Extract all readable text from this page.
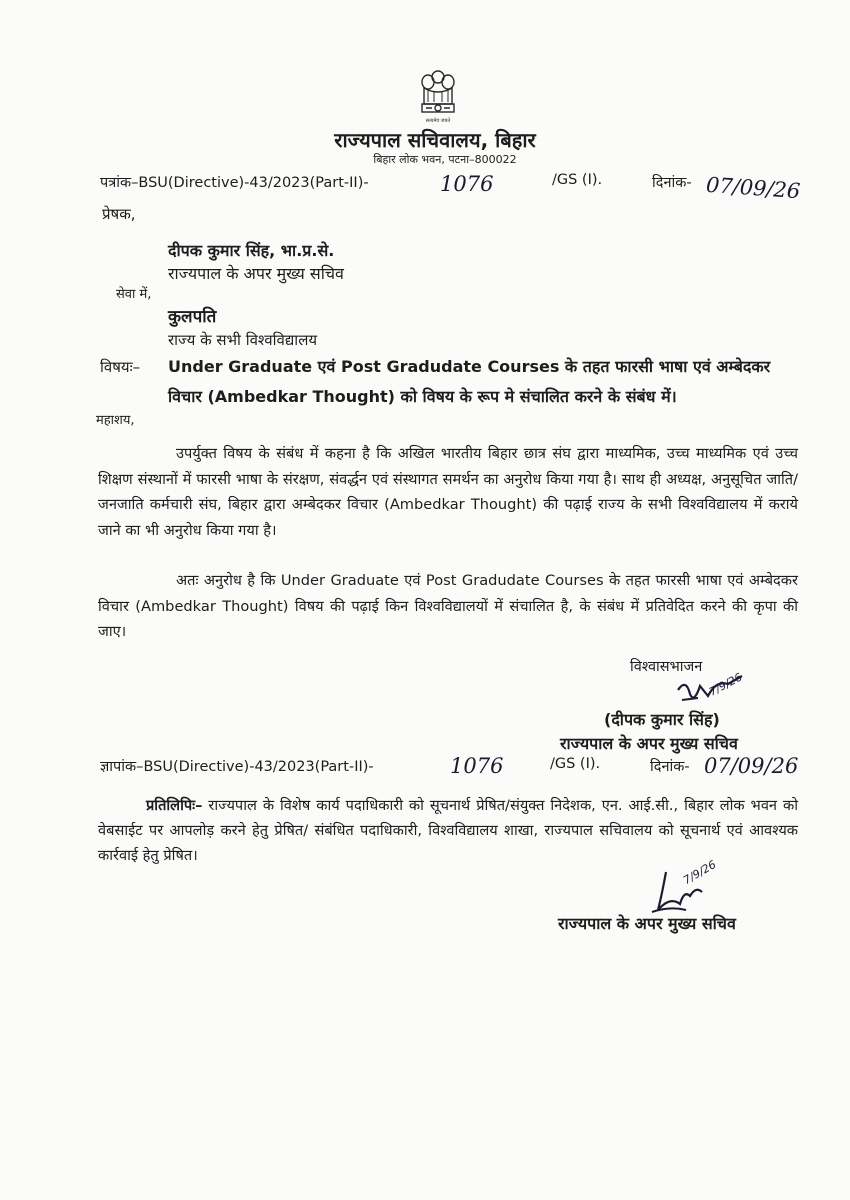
सत्यमेव जयते
राज्यपाल सचिवालय, बिहार
बिहार लोक भवन, पटना–800022
पत्रांक–BSU(Directive)-43/2023(Part-II)-	1076	/GS (I).	दिनांक- 07/09/26
प्रेषक,
दीपक कुमार सिंह, भा.प्र.से.
राज्यपाल के अपर मुख्य सचिव
सेवा में,
कुलपति
राज्य के सभी विश्वविद्यालय
विषयः– Under Graduate एवं Post Gradudate Courses के तहत फारसी भाषा एवं अम्बेदकर
विचार (Ambedkar Thought) को विषय के रूप मे संचालित करने के संबंध में।
महाशय,
उपर्युक्त विषय के संबंध में कहना है कि अखिल भारतीय बिहार छात्र संघ द्वारा माध्यमिक, उच्च माध्यमिक एवं उच्च शिक्षण संस्थानों में फारसी भाषा के संरक्षण, संवर्द्धन एवं संस्थागत समर्थन का अनुरोध किया गया है। साथ ही अध्यक्ष, अनुसूचित जाति/जनजाति कर्मचारी संघ, बिहार द्वारा अम्बेदकर विचार (Ambedkar Thought) की पढ़ाई राज्य के सभी विश्वविद्यालय में कराये जाने का भी अनुरोध किया गया है।
अतः अनुरोध है कि Under Graduate एवं Post Gradudate Courses के तहत फारसी भाषा एवं अम्बेदकर विचार (Ambedkar Thought) विषय की पढ़ाई किन विश्वविद्यालयों में संचालित है, के संबंध में प्रतिवेदित करने की कृपा की जाए।
विश्वासभाजन
7/9/26
(दीपक कुमार सिंह)
राज्यपाल के अपर मुख्य सचिव
ज्ञापांक–BSU(Directive)-43/2023(Part-II)-	1076	/GS (I).	दिनांक- 07/09/26
प्रतिलिपिः– राज्यपाल के विशेष कार्य पदाधिकारी को सूचनार्थ प्रेषित/संयुक्त निदेशक, एन. आई.सी., बिहार लोक भवन को वेबसाईट पर आपलोड़ करने हेतु प्रेषित/ संबंधित पदाधिकारी, विश्वविद्यालय शाखा, राज्यपाल सचिवालय को सूचनार्थ एवं आवश्यक कार्रवाई हेतु प्रेषित।
7/9/26
राज्यपाल के अपर मुख्य सचिव
